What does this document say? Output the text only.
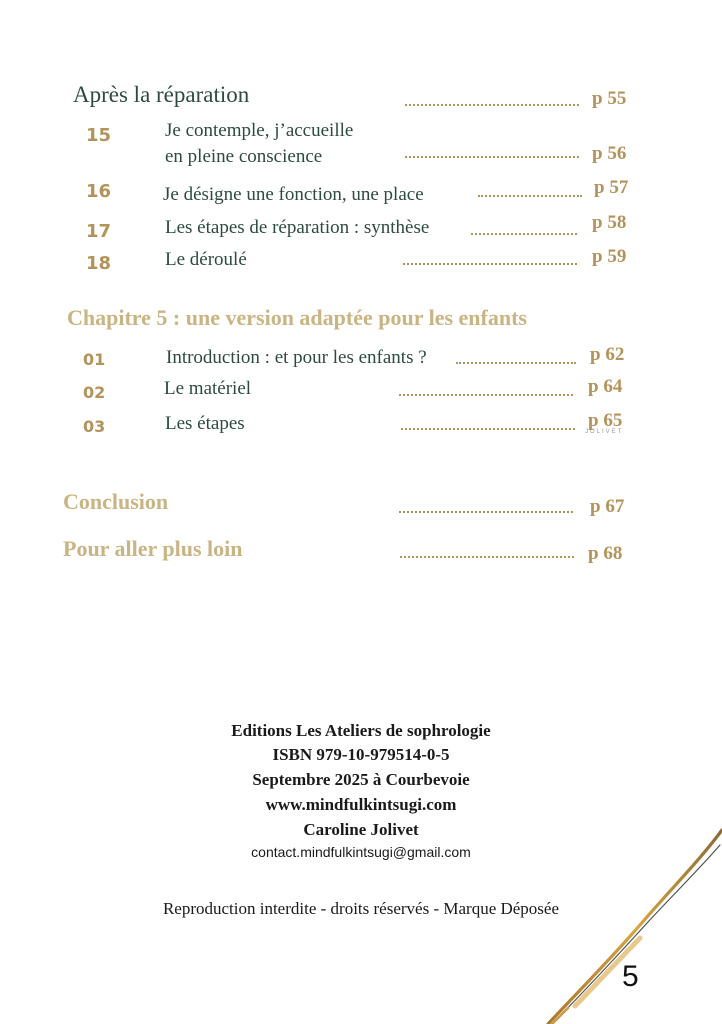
Après la réparation	p 55
15	Je contemple, j’accueille
en pleine conscience	p 56
16	Je désigne une fonction, une place	p 57
17	Les étapes de réparation : synthèse	p 58
18	Le déroulé	p 59
Chapitre 5 : une version adaptée pour les enfants
01	Introduction : et pour les enfants ?	p 62
02	Le matériel	p 64
03	Les étapes	p 65
JOLIVET
Conclusion	p 67
Pour aller plus loin	p 68
Editions Les Ateliers de sophrologie
ISBN 979-10-979514-0-5
Septembre 2025 à Courbevoie
www.mindfulkintsugi.com
Caroline Jolivet
contact.mindfulkintsugi@gmail.com
Reproduction interdite - droits réservés - Marque Déposée
5
